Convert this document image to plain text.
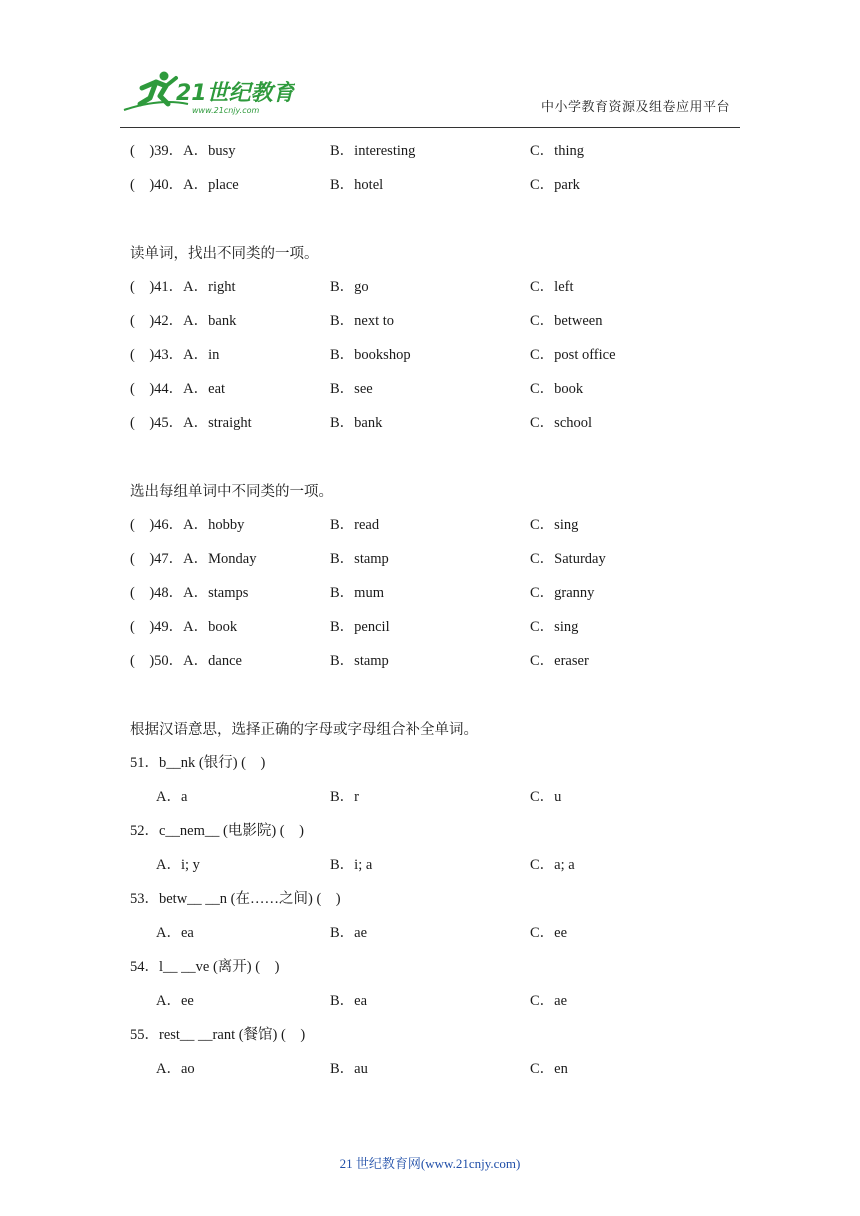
21世纪教育
www.21cnjy.com	中小学教育资源及组卷应用平台
(    )39．A．busy	B．interesting	C．thing
(    )40．A．place	B．hotel	C．park
读单词，找出不同类的一项。
(    )41．A．right	B．go	C．left
(    )42．A．bank	B．next to	C．between
(    )43．A．in	B．bookshop	C．post office
(    )44．A．eat	B．see	C．book
(    )45．A．straight	B．bank	C．school
选出每组单词中不同类的一项。
(    )46．A．hobby	B．read	C．sing
(    )47．A．Monday	B．stamp	C．Saturday
(    )48．A．stamps	B．mum	C．granny
(    )49．A．book	B．pencil	C．sing
(    )50．A．dance	B．stamp	C．eraser
根据汉语意思，选择正确的字母或字母组合补全单词。
51．b__nk (银行) (    )
A．a	B．r	C．u
52．c__nem__ (电影院) (    )
A．i; y	B．i; a	C．a; a
53．betw__ __n (在……之间) (    )
A．ea	B．ae	C．ee
54．l__ __ve (离开) (    )
A．ee	B．ea	C．ae
55．rest__ __rant (餐馆) (    )
A．ao	B．au	C．en
21 世纪教育网(www.21cnjy.com)
